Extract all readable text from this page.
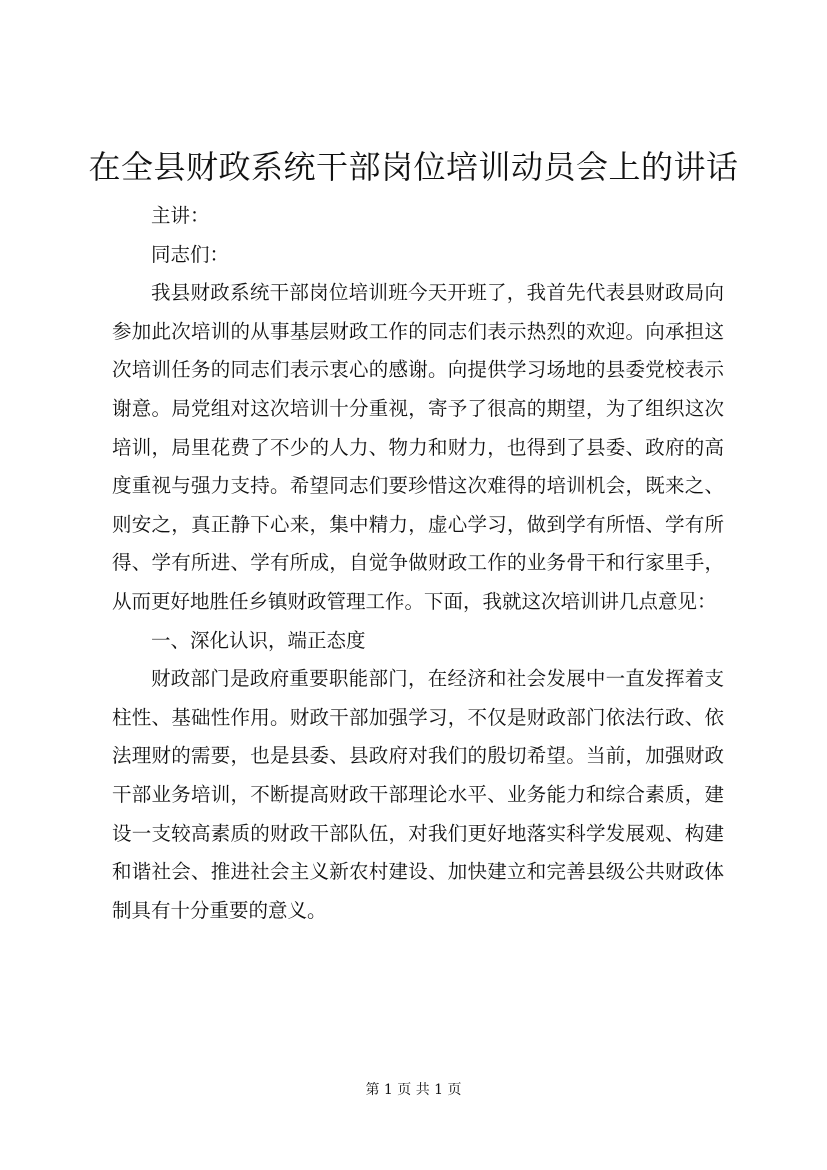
在全县财政系统干部岗位培训动员会上的讲话

主讲：

同志们：

我县财政系统干部岗位培训班今天开班了，我首先代表县财政局向参加此次培训的从事基层财政工作的同志们表示热烈的欢迎。向承担这次培训任务的同志们表示衷心的感谢。向提供学习场地的县委党校表示谢意。局党组对这次培训十分重视，寄予了很高的期望，为了组织这次培训，局里花费了不少的人力、物力和财力，也得到了县委、政府的高度重视与强力支持。希望同志们要珍惜这次难得的培训机会，既来之、则安之，真正静下心来，集中精力，虚心学习，做到学有所悟、学有所得、学有所进、学有所成，自觉争做财政工作的业务骨干和行家里手，从而更好地胜任乡镇财政管理工作。下面，我就这次培训讲几点意见：

一、深化认识，端正态度

财政部门是政府重要职能部门，在经济和社会发展中一直发挥着支柱性、基础性作用。财政干部加强学习，不仅是财政部门依法行政、依法理财的需要，也是县委、县政府对我们的殷切希望。当前，加强财政干部业务培训，不断提高财政干部理论水平、业务能力和综合素质，建设一支较高素质的财政干部队伍，对我们更好地落实科学发展观、构建和谐社会、推进社会主义新农村建设、加快建立和完善县级公共财政体制具有十分重要的意义。

第 1 页 共 1 页
